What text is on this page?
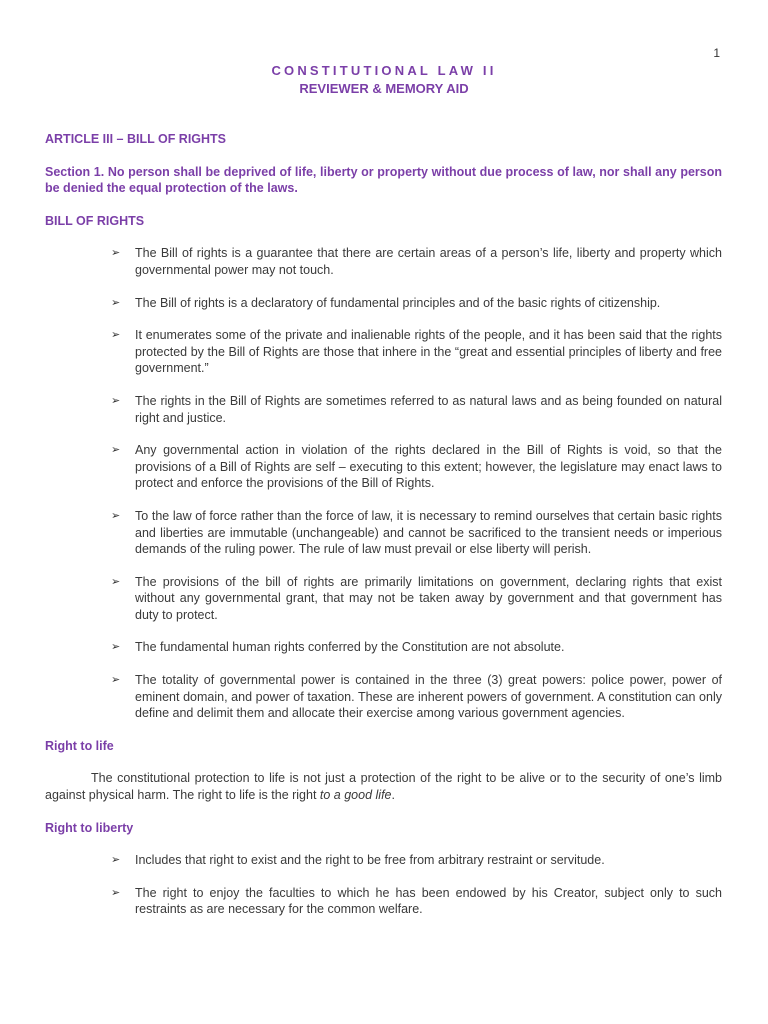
1
CONSTITUTIONAL LAW II
REVIEWER & MEMORY AID

ARTICLE III – BILL OF RIGHTS

Section 1. No person shall be deprived of life, liberty or property without due process of law, nor shall any person be denied the equal protection of the laws.

BILL OF RIGHTS

➢ The Bill of rights is a guarantee that there are certain areas of a person’s life, liberty and property which governmental power may not touch.
➢ The Bill of rights is a declaratory of fundamental principles and of the basic rights of citizenship.
➢ It enumerates some of the private and inalienable rights of the people, and it has been said that the rights protected by the Bill of Rights are those that inhere in the “great and essential principles of liberty and free government.”
➢ The rights in the Bill of Rights are sometimes referred to as natural laws and as being founded on natural right and justice.
➢ Any governmental action in violation of the rights declared in the Bill of Rights is void, so that the provisions of a Bill of Rights are self – executing to this extent; however, the legislature may enact laws to protect and enforce the provisions of the Bill of Rights.
➢ To the law of force rather than the force of law, it is necessary to remind ourselves that certain basic rights and liberties are immutable (unchangeable) and cannot be sacrificed to the transient needs or imperious demands of the ruling power. The rule of law must prevail or else liberty will perish.
➢ The provisions of the bill of rights are primarily limitations on government, declaring rights that exist without any governmental grant, that may not be taken away by government and that government has duty to protect.
➢ The fundamental human rights conferred by the Constitution are not absolute.
➢ The totality of governmental power is contained in the three (3) great powers: police power, power of eminent domain, and power of taxation. These are inherent powers of government. A constitution can only define and delimit them and allocate their exercise among various government agencies.

Right to life

The constitutional protection to life is not just a protection of the right to be alive or to the security of one’s limb against physical harm. The right to life is the right to a good life.

Right to liberty

➢ Includes that right to exist and the right to be free from arbitrary restraint or servitude.
➢ The right to enjoy the faculties to which he has been endowed by his Creator, subject only to such restraints as are necessary for the common welfare.
